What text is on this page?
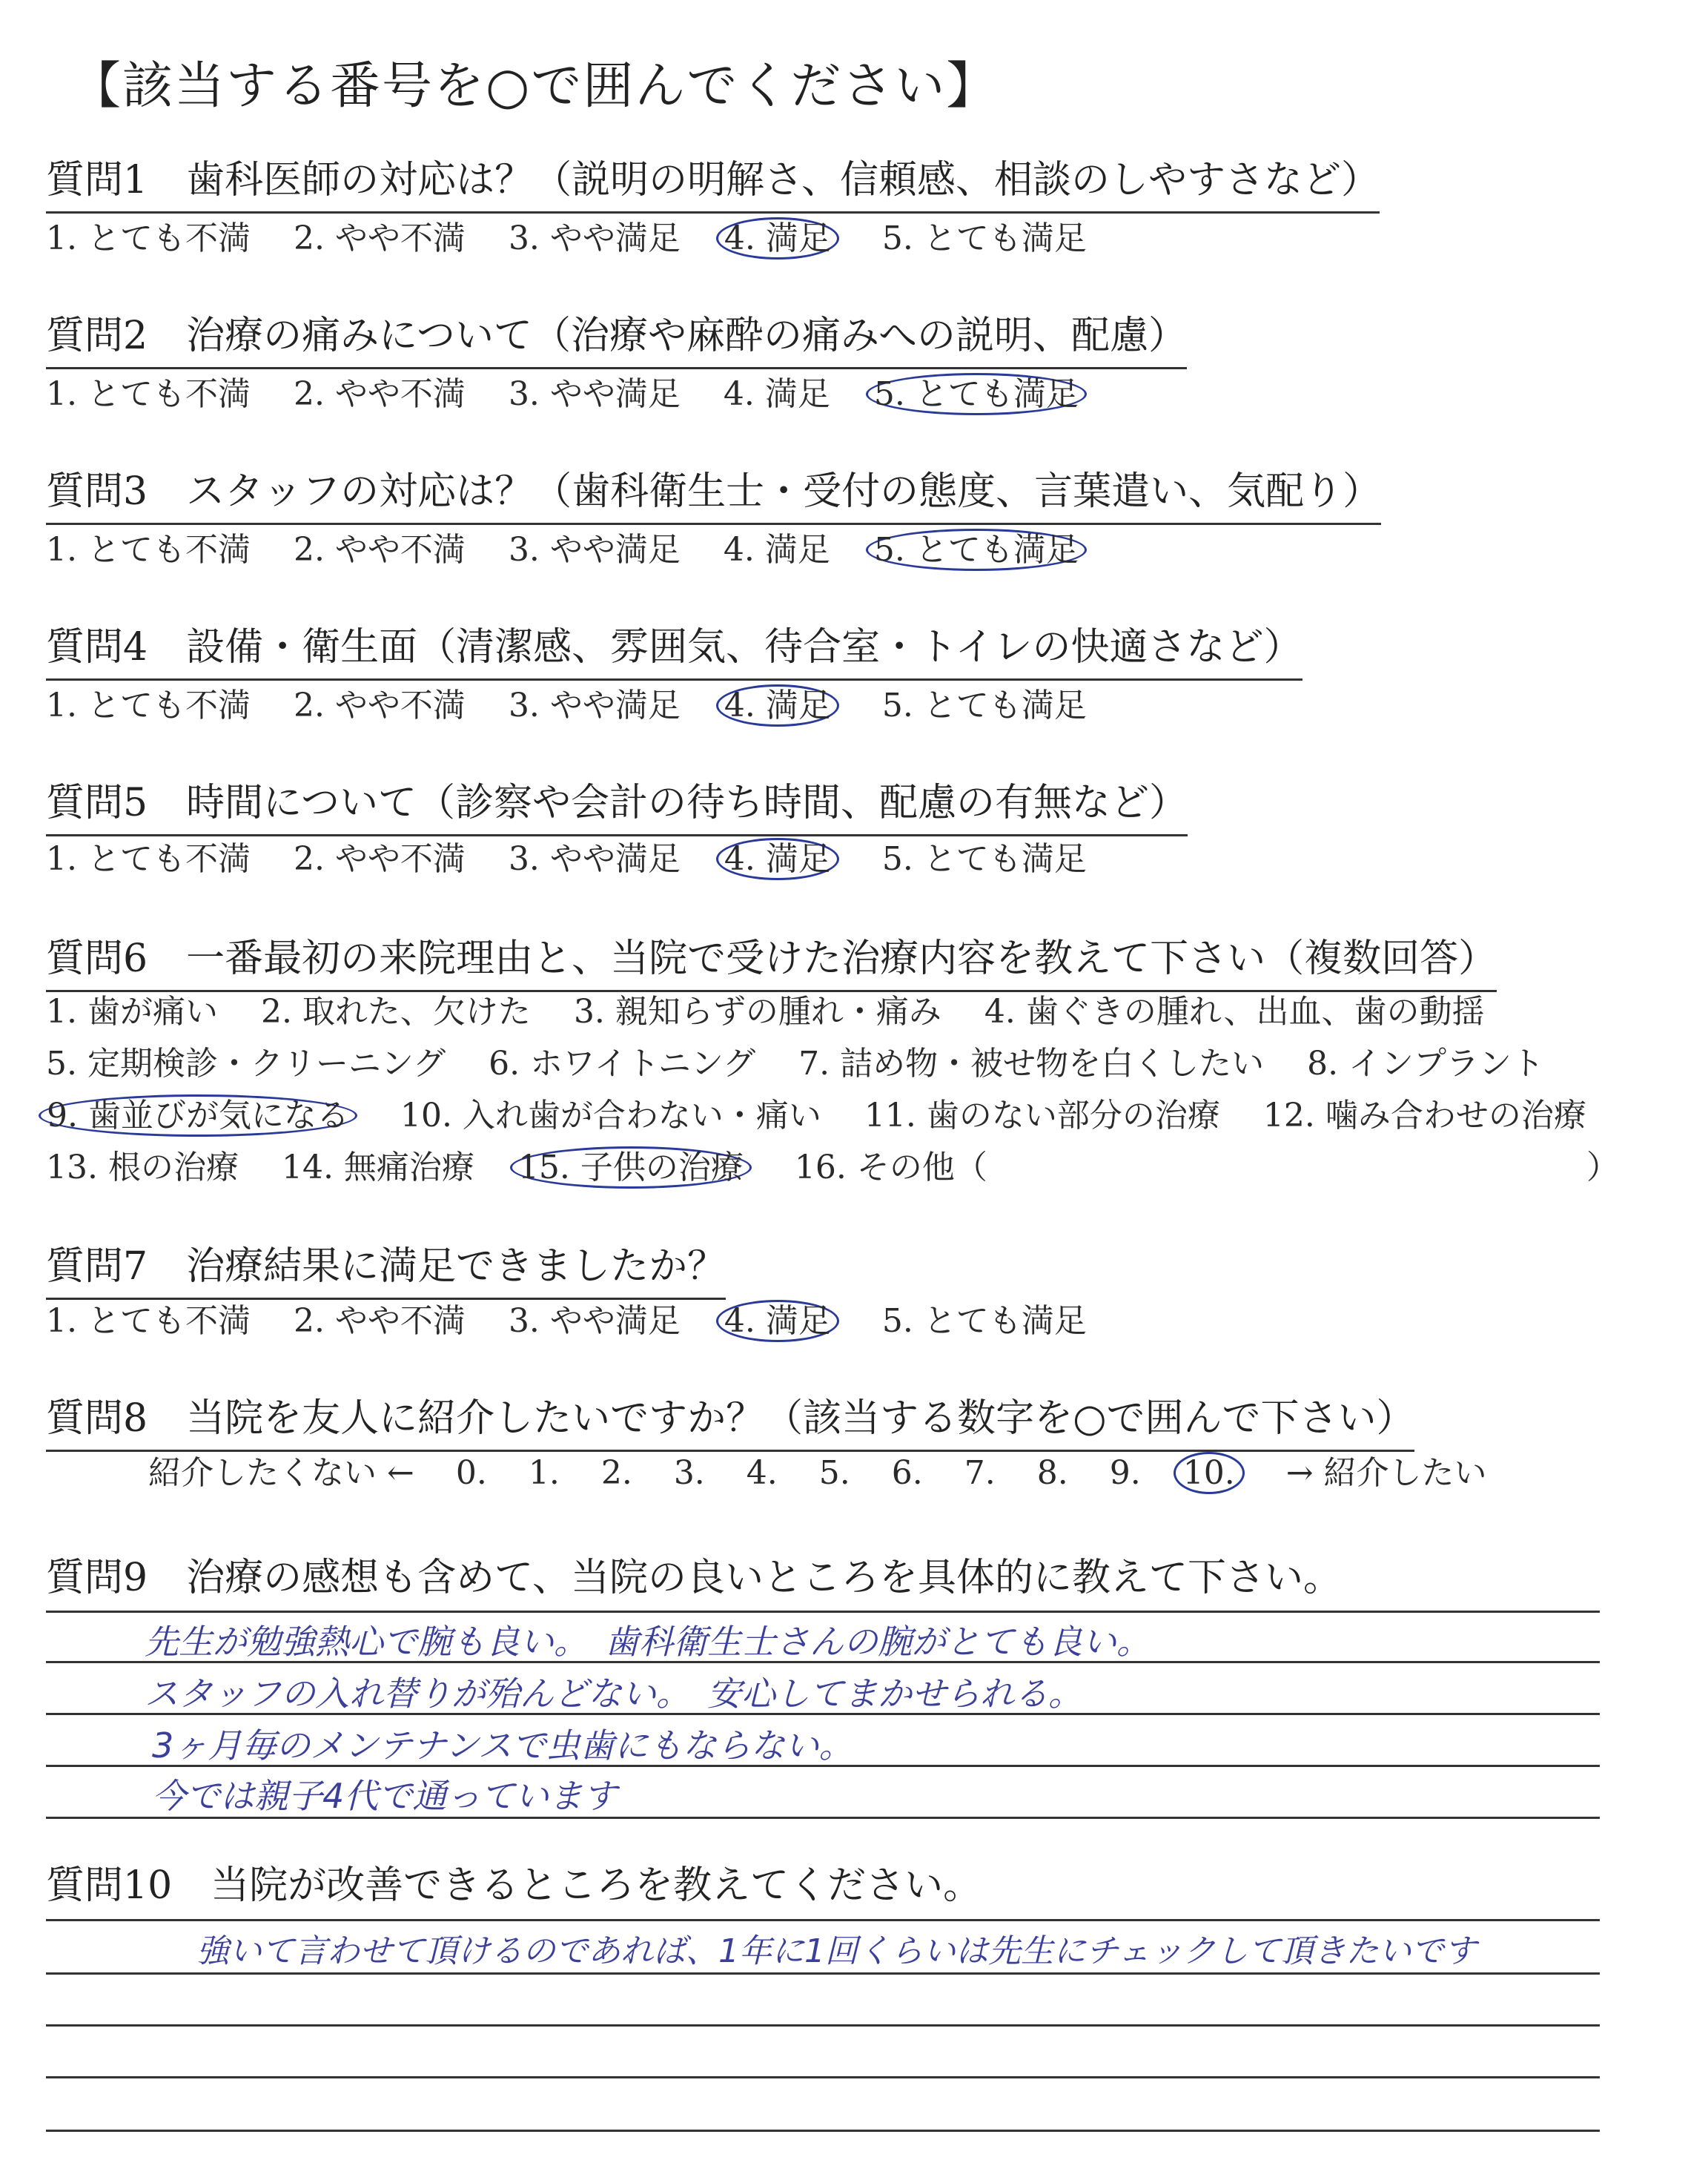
【該当する番号を○で囲んでください】
質問1　歯科医師の対応は？（説明の明解さ、信頼感、相談のしやすさなど）
1. とても不満 2. やや不満 3. やや満足 4. 満足 5. とても満足
質問2　治療の痛みについて（治療や麻酔の痛みへの説明、配慮）
1. とても不満 2. やや不満 3. やや満足 4. 満足 5. とても満足
質問3　スタッフの対応は？（歯科衛生士・受付の態度、言葉遣い、気配り）
1. とても不満 2. やや不満 3. やや満足 4. 満足 5. とても満足
質問4　設備・衛生面（清潔感、雰囲気、待合室・トイレの快適さなど）
1. とても不満 2. やや不満 3. やや満足 4. 満足 5. とても満足
質問5　時間について（診察や会計の待ち時間、配慮の有無など）
1. とても不満 2. やや不満 3. やや満足 4. 満足 5. とても満足
質問6　一番最初の来院理由と、当院で受けた治療内容を教えて下さい（複数回答）
1. 歯が痛い 2. 取れた、欠けた 3. 親知らずの腫れ・痛み 4. 歯ぐきの腫れ、出血、歯の動揺
5. 定期検診・クリーニング 6. ホワイトニング 7. 詰め物・被せ物を白くしたい 8. インプラント
9. 歯並びが気になる 10. 入れ歯が合わない・痛い 11. 歯のない部分の治療 12. 噛み合わせの治療
13. 根の治療 14. 無痛治療 15. 子供の治療 16. その他（	）
質問7　治療結果に満足できましたか？
1. とても不満 2. やや不満 3. やや満足 4. 満足 5. とても満足
質問8　当院を友人に紹介したいですか？（該当する数字を○で囲んで下さい）
紹介したくない ← 0. 1. 2. 3. 4. 5. 6. 7. 8. 9. 10. → 紹介したい
質問9　治療の感想も含めて、当院の良いところを具体的に教えて下さい。
先生が勉強熱心で腕も良い。　歯科衛生士さんの腕がとても良い。
スタッフの入れ替りが殆んどない。　安心してまかせられる。
3ヶ月毎のメンテナンスで虫歯にもならない。
今では親子4代で通っています
質問10　当院が改善できるところを教えてください。
強いて言わせて頂けるのであれば、1年に1回くらいは先生にチェックして頂きたいです
